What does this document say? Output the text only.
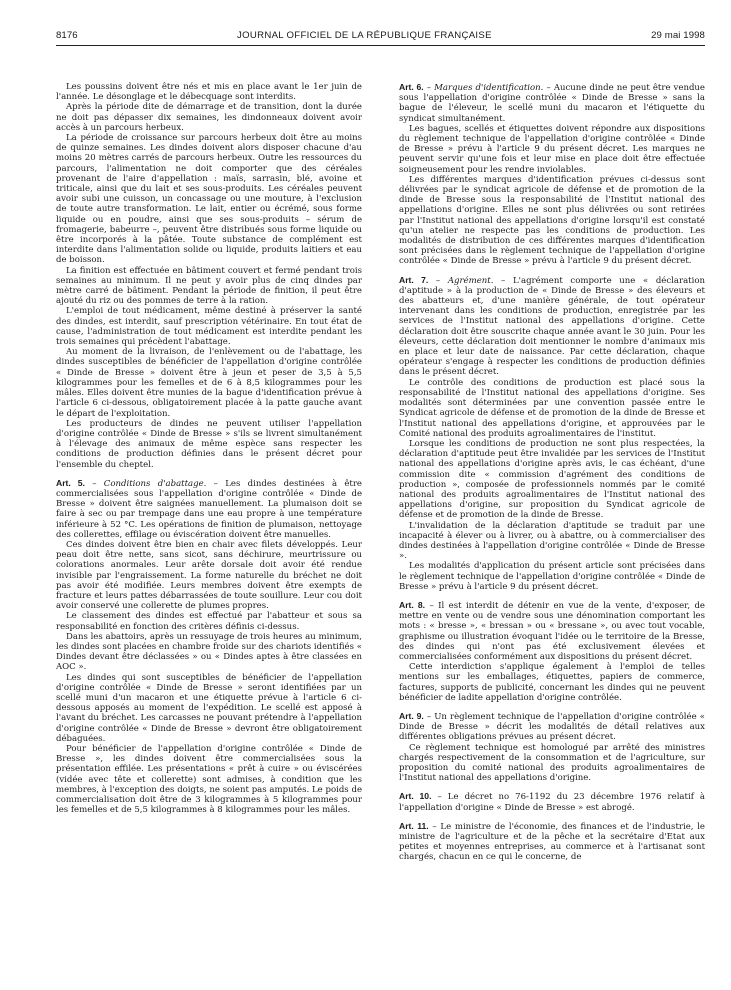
8176	JOURNAL OFFICIEL DE LA RÉPUBLIQUE FRANÇAISE	29 mai 1998

Les poussins doivent être nés et mis en place avant le 1er juin de l'année. Le désonglage et le débecquage sont interdits.

Après la période dite de démarrage et de transition, dont la durée ne doit pas dépasser dix semaines, les dindonneaux doivent avoir accès à un parcours herbeux.

La période de croissance sur parcours herbeux doit être au moins de quinze semaines. Les dindes doivent alors disposer chacune d'au moins 20 mètres carrés de parcours herbeux. Outre les ressources du parcours, l'alimentation ne doit comporter que des céréales provenant de l'aire d'appellation : maïs, sarrasin, blé, avoine et triticale, ainsi que du lait et ses sous-produits. Les céréales peuvent avoir subi une cuisson, un concassage ou une mouture, à l'exclusion de toute autre transformation. Le lait, entier ou écrémé, sous forme liquide ou en poudre, ainsi que ses sous-produits – sérum de fromagerie, babeurre –, peuvent être distribués sous forme liquide ou être incorporés à la pâtée. Toute substance de complément est interdite dans l'alimentation solide ou liquide, produits laitiers et eau de boisson.

La finition est effectuée en bâtiment couvert et fermé pendant trois semaines au minimum. Il ne peut y avoir plus de cinq dindes par mètre carré de bâtiment. Pendant la période de finition, il peut être ajouté du riz ou des pommes de terre à la ration.

L'emploi de tout médicament, même destiné à préserver la santé des dindes, est interdit, sauf prescription vétérinaire. En tout état de cause, l'administration de tout médicament est interdite pendant les trois semaines qui précèdent l'abattage.

Au moment de la livraison, de l'enlèvement ou de l'abattage, les dindes susceptibles de bénéficier de l'appellation d'origine contrôlée « Dinde de Bresse » doivent être à jeun et peser de 3,5 à 5,5 kilogrammes pour les femelles et de 6 à 8,5 kilogrammes pour les mâles. Elles doivent être munies de la bague d'identification prévue à l'article 6 ci-dessous, obligatoirement placée à la patte gauche avant le départ de l'exploitation.

Les producteurs de dindes ne peuvent utiliser l'appellation d'origine contrôlée « Dinde de Bresse » s'ils se livrent simultanément à l'élevage des animaux de même espèce sans respecter les conditions de production définies dans le présent décret pour l'ensemble du cheptel.

Art. 5. – Conditions d'abattage. – Les dindes destinées à être commercialisées sous l'appellation d'origine contrôlée « Dinde de Bresse » doivent être saignées manuellement. La plumaison doit se faire à sec ou par trempage dans une eau propre à une température inférieure à 52 °C. Les opérations de finition de plumaison, nettoyage des collerettes, effilage ou éviscération doivent être manuelles.

Ces dindes doivent être bien en chair avec filets développés. Leur peau doit être nette, sans sicot, sans déchirure, meurtrissure ou colorations anormales. Leur arête dorsale doit avoir été rendue invisible par l'engraissement. La forme naturelle du bréchet ne doit pas avoir été modifiée. Leurs membres doivent être exempts de fracture et leurs pattes débarrassées de toute souillure. Leur cou doit avoir conservé une collerette de plumes propres.

Le classement des dindes est effectué par l'abatteur et sous sa responsabilité en fonction des critères définis ci-dessus.

Dans les abattoirs, après un ressuyage de trois heures au minimum, les dindes sont placées en chambre froide sur des chariots identifiés « Dindes devant être déclassées » ou « Dindes aptes à être classées en AOC ».

Les dindes qui sont susceptibles de bénéficier de l'appellation d'origine contrôlée « Dinde de Bresse » seront identifiées par un scellé muni d'un macaron et une étiquette prévue à l'article 6 ci-dessous apposés au moment de l'expédition. Le scellé est apposé à l'avant du bréchet. Les carcasses ne pouvant prétendre à l'appellation d'origine contrôlée « Dinde de Bresse » devront être obligatoirement débaguées.

Pour bénéficier de l'appellation d'origine contrôlée « Dinde de Bresse », les dindes doivent être commercialisées sous la présentation effilée. Les présentations « prêt à cuire » ou éviscérées (vidée avec tête et collerette) sont admises, à condition que les membres, à l'exception des doigts, ne soient pas amputés. Le poids de commercialisation doit être de 3 kilogrammes à 5 kilogrammes pour les femelles et de 5,5 kilogrammes à 8 kilogrammes pour les mâles.

Art. 6. – Marques d'identification. – Aucune dinde ne peut être vendue sous l'appellation d'origine contrôlée « Dinde de Bresse » sans la bague de l'éleveur, le scellé muni du macaron et l'étiquette du syndicat simultanément.

Les bagues, scellés et étiquettes doivent répondre aux dispositions du règlement technique de l'appellation d'origine contrôlée « Dinde de Bresse » prévu à l'article 9 du présent décret. Les marques ne peuvent servir qu'une fois et leur mise en place doit être effectuée soigneusement pour les rendre inviolables.

Les différentes marques d'identification prévues ci-dessus sont délivrées par le syndicat agricole de défense et de promotion de la dinde de Bresse sous la responsabilité de l'Institut national des appellations d'origine. Elles ne sont plus délivrées ou sont retirées par l'Institut national des appellations d'origine lorsqu'il est constaté qu'un atelier ne respecte pas les conditions de production. Les modalités de distribution de ces différentes marques d'identification sont précisées dans le règlement technique de l'appellation d'origine contrôlée « Dinde de Bresse » prévu à l'article 9 du présent décret.

Art. 7. – Agrément. – L'agrément comporte une « déclaration d'aptitude » à la production de « Dinde de Bresse » des éleveurs et des abatteurs et, d'une manière générale, de tout opérateur intervenant dans les conditions de production, enregistrée par les services de l'Institut national des appellations d'origine. Cette déclaration doit être souscrite chaque année avant le 30 juin. Pour les éleveurs, cette déclaration doit mentionner le nombre d'animaux mis en place et leur date de naissance. Par cette déclaration, chaque opérateur s'engage à respecter les conditions de production définies dans le présent décret.

Le contrôle des conditions de production est placé sous la responsabilité de l'Institut national des appellations d'origine. Ses modalités sont déterminées par une convention passée entre le Syndicat agricole de défense et de promotion de la dinde de Bresse et l'Institut national des appellations d'origine, et approuvées par le Comité national des produits agroalimentaires de l'institut.

Lorsque les conditions de production ne sont plus respectées, la déclaration d'aptitude peut être invalidée par les services de l'Institut national des appellations d'origine après avis, le cas échéant, d'une commission dite « commission d'agrément des conditions de production », composée de professionnels nommés par le comité national des produits agroalimentaires de l'Institut national des appellations d'origine, sur proposition du Syndicat agricole de défense et de promotion de la dinde de Bresse.

L'invalidation de la déclaration d'aptitude se traduit par une incapacité à élever ou à livrer, ou à abattre, ou à commercialiser des dindes destinées à l'appellation d'origine contrôlée « Dinde de Bresse ».

Les modalités d'application du présent article sont précisées dans le règlement technique de l'appellation d'origine contrôlée « Dinde de Bresse » prévu à l'article 9 du présent décret.

Art. 8. – Il est interdit de détenir en vue de la vente, d'exposer, de mettre en vente ou de vendre sous une dénomination comportant les mots : « bresse », « bressan » ou « bressane », ou avec tout vocable, graphisme ou illustration évoquant l'idée ou le territoire de la Bresse, des dindes qui n'ont pas été exclusivement élevées et commercialisées conformément aux dispositions du présent décret.

Cette interdiction s'applique également à l'emploi de telles mentions sur les emballages, étiquettes, papiers de commerce, factures, supports de publicité, concernant les dindes qui ne peuvent bénéficier de ladite appellation d'origine contrôlée.

Art. 9. – Un règlement technique de l'appellation d'origine contrôlée « Dinde de Bresse » décrit les modalités de détail relatives aux différentes obligations prévues au présent décret.

Ce règlement technique est homologué par arrêté des ministres chargés respectivement de la consommation et de l'agriculture, sur proposition du comité national des produits agroalimentaires de l'Institut national des appellations d'origine.

Art. 10. – Le décret no 76-1192 du 23 décembre 1976 relatif à l'appellation d'origine « Dinde de Bresse » est abrogé.

Art. 11. – Le ministre de l'économie, des finances et de l'industrie, le ministre de l'agriculture et de la pêche et la secrétaire d'Etat aux petites et moyennes entreprises, au commerce et à l'artisanat sont chargés, chacun en ce qui le concerne, de
